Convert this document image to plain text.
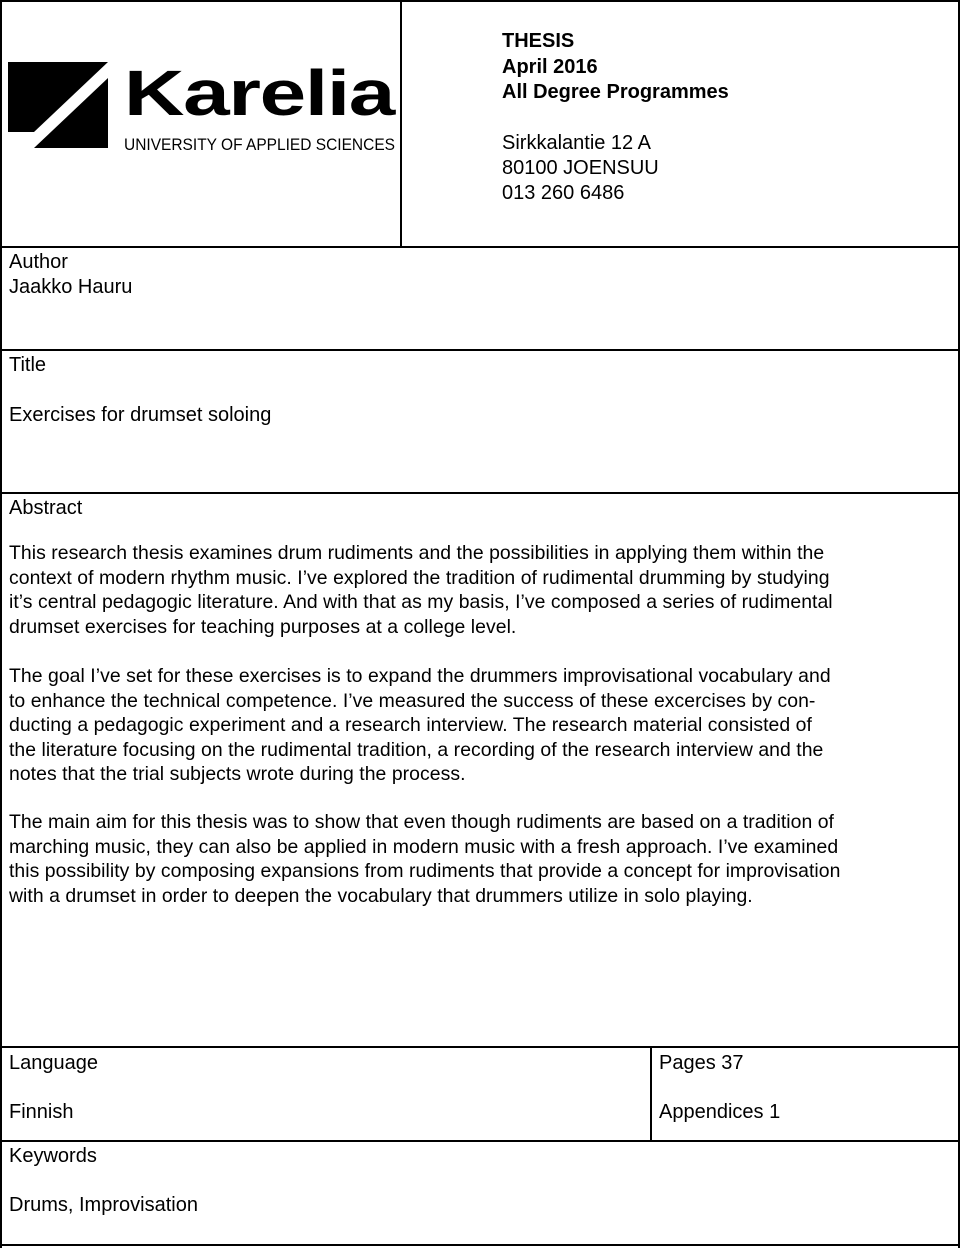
Karelia
UNIVERSITY OF APPLIED SCIENCES
THESIS
April 2016
All Degree Programmes
Sirkkalantie 12 A
80100 JOENSUU
013 260 6486
Author
Jaakko Hauru
Title
Exercises for drumset soloing
Abstract
This research thesis examines drum rudiments and the possibilities in applying them within the
context of modern rhythm music. I’ve explored the tradition of rudimental drumming by studying
it’s central pedagogic literature. And with that as my basis, I’ve composed a series of rudimental
drumset exercises for teaching purposes at a college level.
The goal I’ve set for these exercises is to expand the drummers improvisational vocabulary and
to enhance the technical competence. I’ve measured the success of these excercises by con-
ducting a pedagogic experiment and a research interview. The research material consisted of
the literature focusing on the rudimental tradition, a recording of the research interview and the
notes that the trial subjects wrote during the process.
The main aim for this thesis was to show that even though rudiments are based on a tradition of
marching music, they can also be applied in modern music with a fresh approach. I’ve examined
this possibility by composing expansions from rudiments that provide a concept for improvisation
with a drumset in order to deepen the vocabulary that drummers utilize in solo playing.
Language
Finnish
Pages 37
Appendices 1
Keywords
Drums, Improvisation
